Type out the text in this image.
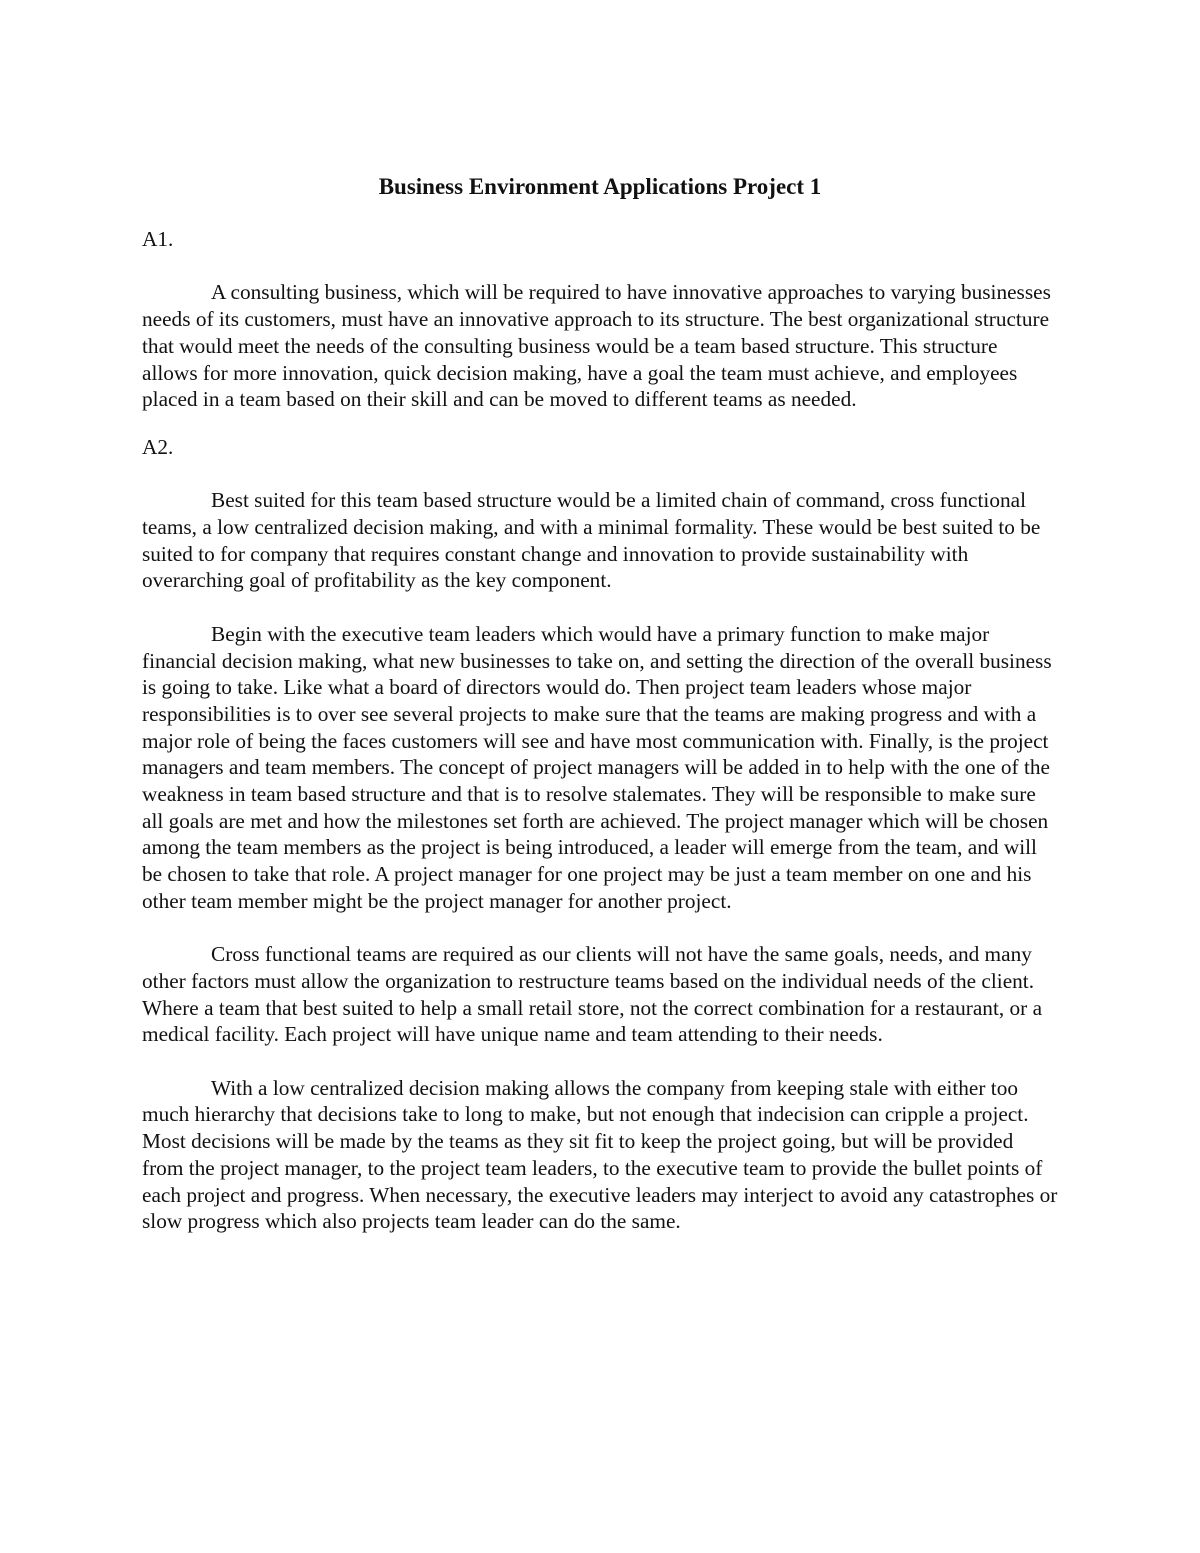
Business Environment Applications Project 1

A1.

A consulting business, which will be required to have innovative approaches to varying businesses needs of its customers, must have an innovative approach to its structure. The best organizational structure that would meet the needs of the consulting business would be a team based structure. This structure allows for more innovation, quick decision making, have a goal the team must achieve, and employees placed in a team based on their skill and can be moved to different teams as needed.

A2.

Best suited for this team based structure would be a limited chain of command, cross functional teams, a low centralized decision making, and with a minimal formality. These would be best suited to be suited to for company that requires constant change and innovation to provide sustainability with overarching goal of profitability as the key component.

Begin with the executive team leaders which would have a primary function to make major financial decision making, what new businesses to take on, and setting the direction of the overall business is going to take. Like what a board of directors would do. Then project team leaders whose major responsibilities is to over see several projects to make sure that the teams are making progress and with a major role of being the faces customers will see and have most communication with. Finally, is the project managers and team members. The concept of project managers will be added in to help with the one of the weakness in team based structure and that is to resolve stalemates. They will be responsible to make sure all goals are met and how the milestones set forth are achieved. The project manager which will be chosen among the team members as the project is being introduced, a leader will emerge from the team, and will be chosen to take that role. A project manager for one project may be just a team member on one and his other team member might be the project manager for another project.

Cross functional teams are required as our clients will not have the same goals, needs, and many other factors must allow the organization to restructure teams based on the individual needs of the client. Where a team that best suited to help a small retail store, not the correct combination for a restaurant, or a medical facility. Each project will have unique name and team attending to their needs.

With a low centralized decision making allows the company from keeping stale with either too much hierarchy that decisions take to long to make, but not enough that indecision can cripple a project. Most decisions will be made by the teams as they sit fit to keep the project going, but will be provided from the project manager, to the project team leaders, to the executive team to provide the bullet points of each project and progress. When necessary, the executive leaders may interject to avoid any catastrophes or slow progress which also projects team leader can do the same.
